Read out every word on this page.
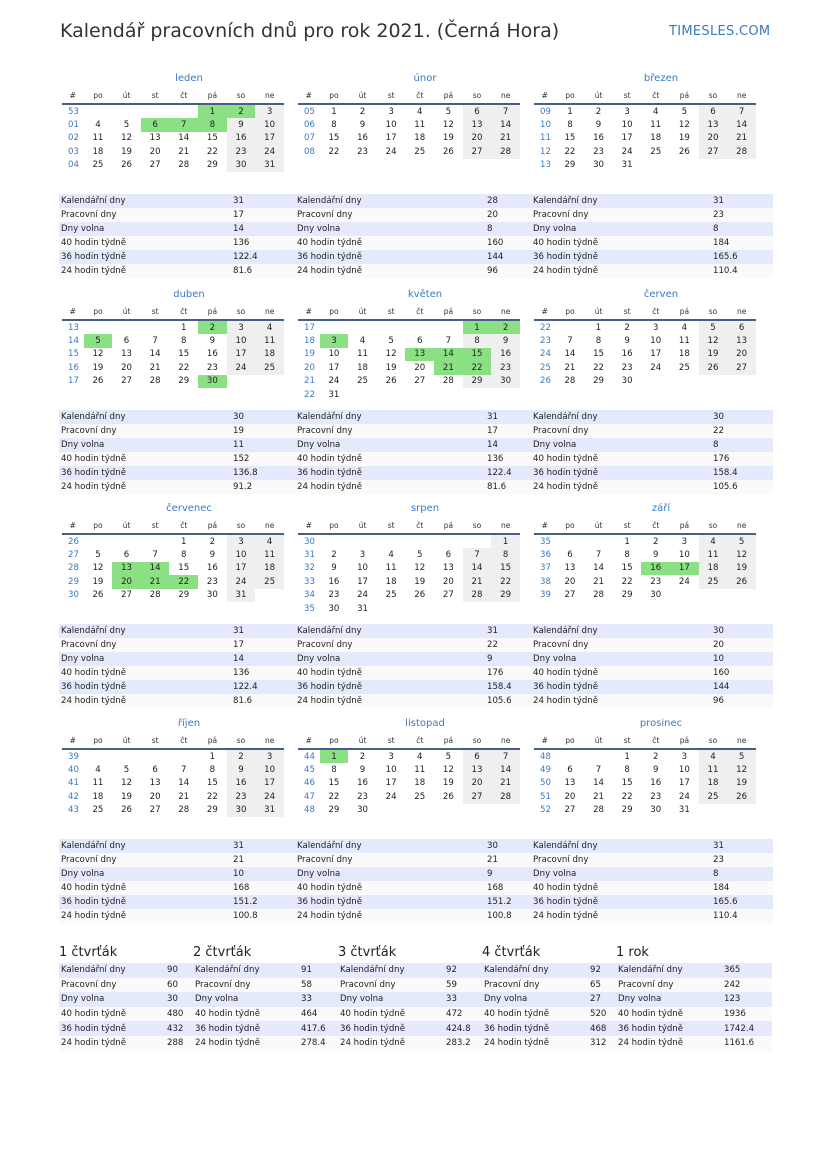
Kalendář pracovních dnů pro rok 2021. (Černá Hora)	TIMESLES.COM
leden
#	po	út	st	čt	pá	so	ne
53					1	2	3
01	4	5	6	7	8	9	10
02	11	12	13	14	15	16	17
03	18	19	20	21	22	23	24
04	25	26	27	28	29	30	31
Kalendářní dny	31
Pracovní dny	17
Dny volna	14
40 hodin týdně	136
36 hodin týdně	122.4
24 hodin týdně	81.6
únor
#	po	út	st	čt	pá	so	ne
05	1	2	3	4	5	6	7
06	8	9	10	11	12	13	14
07	15	16	17	18	19	20	21
08	22	23	24	25	26	27	28
Kalendářní dny	28
Pracovní dny	20
Dny volna	8
40 hodin týdně	160
36 hodin týdně	144
24 hodin týdně	96
březen
#	po	út	st	čt	pá	so	ne
09	1	2	3	4	5	6	7
10	8	9	10	11	12	13	14
11	15	16	17	18	19	20	21
12	22	23	24	25	26	27	28
13	29	30	31				
Kalendářní dny	31
Pracovní dny	23
Dny volna	8
40 hodin týdně	184
36 hodin týdně	165.6
24 hodin týdně	110.4
duben
#	po	út	st	čt	pá	so	ne
13				1	2	3	4
14	5	6	7	8	9	10	11
15	12	13	14	15	16	17	18
16	19	20	21	22	23	24	25
17	26	27	28	29	30		
Kalendářní dny	30
Pracovní dny	19
Dny volna	11
40 hodin týdně	152
36 hodin týdně	136.8
24 hodin týdně	91.2
květen
#	po	út	st	čt	pá	so	ne
17						1	2
18	3	4	5	6	7	8	9
19	10	11	12	13	14	15	16
20	17	18	19	20	21	22	23
21	24	25	26	27	28	29	30
22	31						
Kalendářní dny	31
Pracovní dny	17
Dny volna	14
40 hodin týdně	136
36 hodin týdně	122.4
24 hodin týdně	81.6
červen
#	po	út	st	čt	pá	so	ne
22		1	2	3	4	5	6
23	7	8	9	10	11	12	13
24	14	15	16	17	18	19	20
25	21	22	23	24	25	26	27
26	28	29	30				
Kalendářní dny	30
Pracovní dny	22
Dny volna	8
40 hodin týdně	176
36 hodin týdně	158.4
24 hodin týdně	105.6
červenec
#	po	út	st	čt	pá	so	ne
26				1	2	3	4
27	5	6	7	8	9	10	11
28	12	13	14	15	16	17	18
29	19	20	21	22	23	24	25
30	26	27	28	29	30	31	
Kalendářní dny	31
Pracovní dny	17
Dny volna	14
40 hodin týdně	136
36 hodin týdně	122.4
24 hodin týdně	81.6
srpen
#	po	út	st	čt	pá	so	ne
30							1
31	2	3	4	5	6	7	8
32	9	10	11	12	13	14	15
33	16	17	18	19	20	21	22
34	23	24	25	26	27	28	29
35	30	31					
Kalendářní dny	31
Pracovní dny	22
Dny volna	9
40 hodin týdně	176
36 hodin týdně	158.4
24 hodin týdně	105.6
září
#	po	út	st	čt	pá	so	ne
35			1	2	3	4	5
36	6	7	8	9	10	11	12
37	13	14	15	16	17	18	19
38	20	21	22	23	24	25	26
39	27	28	29	30			
Kalendářní dny	30
Pracovní dny	20
Dny volna	10
40 hodin týdně	160
36 hodin týdně	144
24 hodin týdně	96
říjen
#	po	út	st	čt	pá	so	ne
39					1	2	3
40	4	5	6	7	8	9	10
41	11	12	13	14	15	16	17
42	18	19	20	21	22	23	24
43	25	26	27	28	29	30	31
Kalendářní dny	31
Pracovní dny	21
Dny volna	10
40 hodin týdně	168
36 hodin týdně	151.2
24 hodin týdně	100.8
listopad
#	po	út	st	čt	pá	so	ne
44	1	2	3	4	5	6	7
45	8	9	10	11	12	13	14
46	15	16	17	18	19	20	21
47	22	23	24	25	26	27	28
48	29	30					
Kalendářní dny	30
Pracovní dny	21
Dny volna	9
40 hodin týdně	168
36 hodin týdně	151.2
24 hodin týdně	100.8
prosinec
#	po	út	st	čt	pá	so	ne
48			1	2	3	4	5
49	6	7	8	9	10	11	12
50	13	14	15	16	17	18	19
51	20	21	22	23	24	25	26
52	27	28	29	30	31		
Kalendářní dny	31
Pracovní dny	23
Dny volna	8
40 hodin týdně	184
36 hodin týdně	165.6
24 hodin týdně	110.4
1 čtvrťák
Kalendářní dny	90
Pracovní dny	60
Dny volna	30
40 hodin týdně	480
36 hodin týdně	432
24 hodin týdně	288
2 čtvrťák
Kalendářní dny	91
Pracovní dny	58
Dny volna	33
40 hodin týdně	464
36 hodin týdně	417.6
24 hodin týdně	278.4
3 čtvrťák
Kalendářní dny	92
Pracovní dny	59
Dny volna	33
40 hodin týdně	472
36 hodin týdně	424.8
24 hodin týdně	283.2
4 čtvrťák
Kalendářní dny	92
Pracovní dny	65
Dny volna	27
40 hodin týdně	520
36 hodin týdně	468
24 hodin týdně	312
1 rok
Kalendářní dny	365
Pracovní dny	242
Dny volna	123
40 hodin týdně	1936
36 hodin týdně	1742.4
24 hodin týdně	1161.6
